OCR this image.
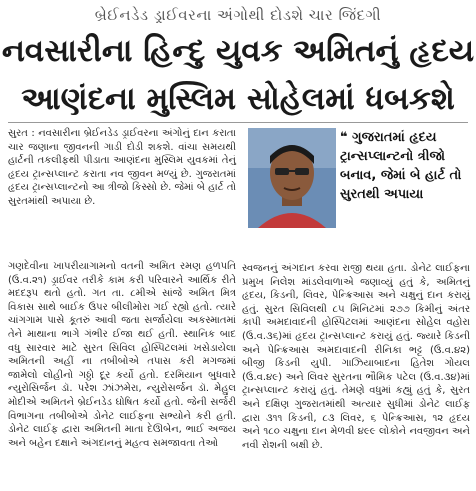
બ્રેઈનડેડ ડ્રાઈવરના અંગોથી દોડશે ચાર જિંદગી
નવસારીના હિન્દુ યુવક અમિતનું હૃદય
આણંદના મુસ્લિમ સોહેલમાં ધબકશે
સુરત : નવસારીના બ્રેઈનડેડ ડ્રાઈવરના અંગોનું દાન કરાતા ચાર જણાના જીવનની ગાડી દોડી શકશે. વાંચા સમયથી હાર્ટની તકલીફથી પીડાતા આણંદના મુસ્લિમ યુવકમાં તેનું હૃદય ટ્રાન્સપ્લાન્ટ કરાતા નવ જીવન મળ્યું છે. ગુજરાતમાં હૃદય ટ્રાન્સપ્લાન્ટનો આ ત્રીજો કિસ્સો છે. જેમાં બે હાર્ટ તો સુરતમાંથી અપાયા છે.
ગણદેવીના ખાપરીયાગામનો વતની અમિત રમણ હળપતિ (ઉ.વ.૨૧) ડ્રાઈવર તરીકે કામ કરી પરિવારને આર્થિક રીતે મદદરૂપ થતો હતો. ગત તા. ૮મીએ સાંજે અમિત મિત્ર વિકાસ સાથે બાઈક ઉપર બીલીમોરા ગઈ રહ્યો હતો. ત્યારે ચાંગગામ પાસે કૂતરું આવી જતા સર્જાયેલા અકસ્માતમાં તેને માથાના ભાગે ગંભીર ઈજા થઈ હતી. સ્થાનિક બાદ વધુ સારવાર માટે સુરત સિવિલ હોસ્પિટલમાં ખસેડાયેલા અમિતની અહીં ના તબીબોએ તપાસ કરી મગજમાં જામેલો લોહીનો ગઠ્ઠો દૂર કર્યો હતો. દરમિયાન બુધવારે ન્યુરોસિર્જન ડૉ. પરેશ ઝાંઝમેરા, ન્યુરોસર્જન ડૉ. મેહુલ મોદીએ અમિતને બ્રેઈનડેડ ઘોષિત કર્યો હતો. જેની સર્જરી વિભાગના તબીબોએ ડોનેટ લાઈફના સભ્યોને કરી હતી. ડોનેટ લાઈફ દ્વારા અમિતની માતા દેઊબેન, ભાઈ અજય અને બહેન દક્ષાને અંગદાનનું મહત્વ સમજાવતા તેઓ
❝ ગુજરાતમાં હૃદય ટ્રાન્સપ્લાન્ટનો ત્રીજો બનાવ, જેમાં બે હાર્ટ તો સુરતથી અપાયા
સ્વજનનું અંગદાન કરવા રાજી થયા હતા. ડોનેટ લાઈફના પ્રમુખ નિલેશ માંડલેવાળાએ જણાવ્યું હતું કે, અમિતનું હૃદય, કિડની, લિવર, પેન્ક્રિઆસ અને ચક્ષુનું દાન કરાયું હતું. સુરત સિવિલથી ૮૫ મિનિટમાં ૨૭૭ કિમીનું અંતર કાપી અમદાવાદની હોસ્પિટલમાં આણંદના સોહેલ વહોરા (ઉ.વ.૩૬)માં હૃદય ટ્રાન્સપ્લાન્ટ કરાયું હતું. જ્યારે કિડની અને પેન્ક્રિઆસ અમદાવાદની રીનિકા ભટ્ટ (ઉ.વ.૪૨) બીજી કિડની યુપી. ગાઝિયાબાદના હિતેશ ગોયલ (ઉ.વ.૪૯) અને લિવર સુરતના ભૌમિક પટેલ (ઉ.વ.૩૪)માં ટ્રાન્સપ્લાન્ટ કરાયું હતું. તેમણે વધુમાં કહ્યું હતું કે, સુરત અને દક્ષિણ ગુજરાતમાંથી અત્યાર સુધીમાં ડોનેટ લાઈફ દ્વારા ૩૧૧ કિડની, ૮૩ લિવર, ૬ પેન્ક્રિઆસ, ૧૨ હૃદય અને ૧૮૦ ચક્ષુના દાન મેળવી ૪૯૯ લોકોને નવજીવન અને નવી રોશની બક્ષી છે.
